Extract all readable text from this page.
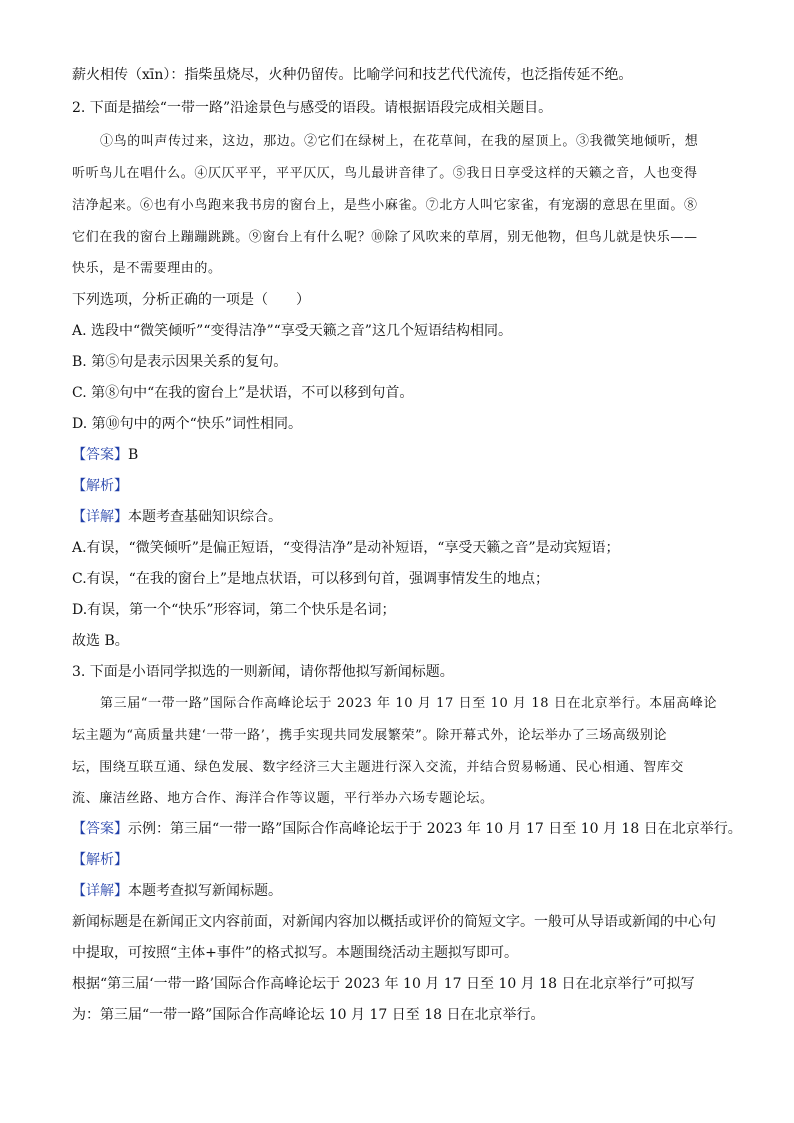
薪火相传（xīn）：指柴虽烧尽，火种仍留传。比喻学问和技艺代代流传，也泛指传延不绝。
2. 下面是描绘“一带一路”沿途景色与感受的语段。请根据语段完成相关题目。
①鸟的叫声传过来，这边，那边。②它们在绿树上，在花草间，在我的屋顶上。③我微笑地倾听，想
听听鸟儿在唱什么。④仄仄平平，平平仄仄，鸟儿最讲音律了。⑤我日日享受这样的天籁之音，人也变得
洁净起来。⑥也有小鸟跑来我书房的窗台上，是些小麻雀。⑦北方人叫它家雀，有宠溺的意思在里面。⑧
它们在我的窗台上蹦蹦跳跳。⑨窗台上有什么呢？⑩除了风吹来的草屑，别无他物，但鸟儿就是快乐——
快乐，是不需要理由的。
下列选项，分析正确的一项是（　　）
A. 选段中“微笑倾听”“变得洁净”“享受天籁之音”这几个短语结构相同。
B. 第⑤句是表示因果关系的复句。
C. 第⑧句中“在我的窗台上”是状语，不可以移到句首。
D. 第⑩句中的两个“快乐”词性相同。
【答案】B
【解析】
【详解】本题考查基础知识综合。
A.有误，“微笑倾听”是偏正短语，“变得洁净”是动补短语，“享受天籁之音”是动宾短语；
C.有误，“在我的窗台上”是地点状语，可以移到句首，强调事情发生的地点；
D.有误，第一个“快乐”形容词，第二个快乐是名词；
故选 B。
3. 下面是小语同学拟选的一则新闻，请你帮他拟写新闻标题。
第三届“一带一路”国际合作高峰论坛于 2023 年 10 月 17 日至 10 月 18 日在北京举行。本届高峰论
坛主题为“高质量共建‘一带一路’，携手实现共同发展繁荣”。除开幕式外，论坛举办了三场高级别论
坛，围绕互联互通、绿色发展、数字经济三大主题进行深入交流，并结合贸易畅通、民心相通、智库交
流、廉洁丝路、地方合作、海洋合作等议题，平行举办六场专题论坛。
【答案】示例：第三届“一带一路”国际合作高峰论坛于于 2023 年 10 月 17 日至 10 月 18 日在北京举行。
【解析】
【详解】本题考查拟写新闻标题。
新闻标题是在新闻正文内容前面，对新闻内容加以概括或评价的简短文字。一般可从导语或新闻的中心句
中提取，可按照“主体+事件”的格式拟写。本题围绕活动主题拟写即可。
根据“第三届‘一带一路’国际合作高峰论坛于 2023 年 10 月 17 日至 10 月 18 日在北京举行”可拟写
为：第三届“一带一路”国际合作高峰论坛 10 月 17 日至 18 日在北京举行。
